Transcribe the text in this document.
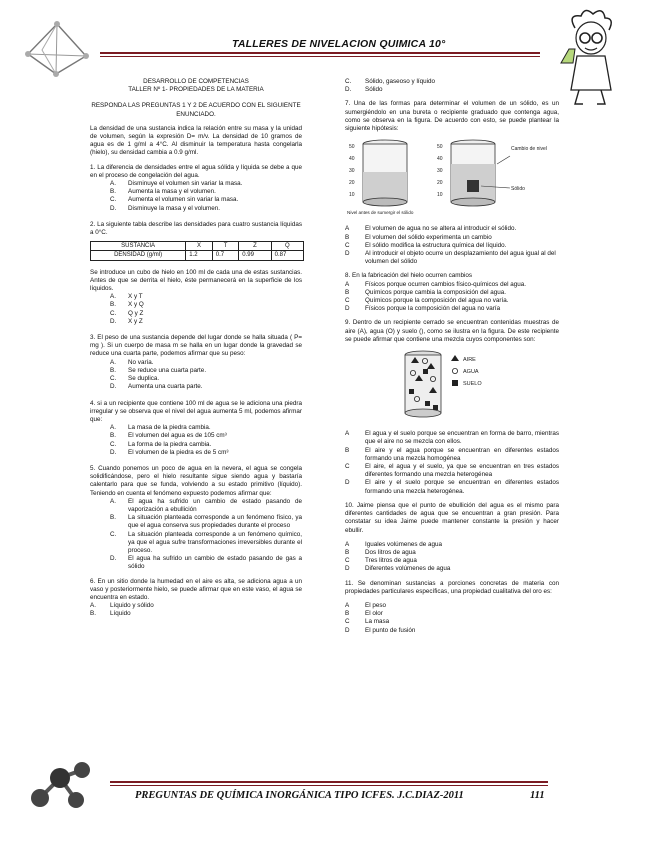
TALLERES DE NIVELACION QUIMICA 10°
DESARROLLO DE COMPETENCIAS
TALLER Nº 1- PROPIEDADES DE LA MATERIA
RESPONDA LAS PREGUNTAS 1 Y 2 DE ACUERDO CON EL SIGUIENTE ENUNCIADO.
La densidad de una sustancia indica la relación entre su masa y la unidad de volumen, según la expresión D= m/v. La densidad de 10 gramos de agua es de 1 g/ml a 4°C. Al disminuir la temperatura hasta congelarla (hielo), su densidad cambia a 0.9 g/ml.
1. La diferencia de densidades entre el agua sólida y líquida se debe a que en el proceso de congelación del agua.
A.	Disminuye el volumen sin variar la masa.
B.	Aumenta la masa y el volumen.
C.	Aumenta el volumen sin variar la masa.
D.	Disminuye la masa y el volumen.
2. La siguiente tabla describe las densidades para cuatro sustancia líquidas a 0°C.
SUSTANCIA	X	T	Z	Q
DENSIDAD (g/ml)	1.2	0.7	0.99	0.87
Se introduce un cubo de hielo en 100 ml de cada una de estas sustancias. Antes de que se derrita el hielo, éste permanecerá en la superficie de los líquidos.
A.	X y T
B.	X y Q
C.	Q y Z
D.	X y Z
3. El peso de una sustancia depende del lugar donde se halla situada ( P= mg ). Si un cuerpo de masa m se halla en un lugar donde la gravedad se reduce una cuarta parte, podemos afirmar que su peso:
A.	No varía.
B.	Se reduce una cuarta parte.
C.	Se duplica.
D.	Aumenta una cuarta parte.
4. si a un recipiente que contiene 100 ml de agua se le adiciona una piedra irregular y se observa que el nivel del agua aumenta 5 ml, podemos afirmar que:
A.	La masa de la piedra cambia.
B.	El volumen del agua es de 105 cm³
C.	La forma de la piedra cambia.
D.	El volumen de la piedra es de 5 cm³
5. Cuando ponemos un poco de agua en la nevera, el agua se congela solidificándose, pero el hielo resultante sigue siendo agua y bastaría calentarlo para que se funda, volviendo a su estado primitivo (líquido). Teniendo en cuenta el fenómeno expuesto podemos afirmar que:
A.	El agua ha sufrido un cambio de estado pasando de vaporización a ebullición
B.	La situación planteada corresponde a un fenómeno físico, ya que el agua conserva sus propiedades durante el proceso
C.	La situación planteada corresponde a un fenómeno químico, ya que el agua sufre transformaciones irreversibles durante el proceso.
D.	El agua ha sufrido un cambio de estado pasando de gas a sólido
6. En un sitio donde la humedad en el aire es alta, se adiciona agua a un vaso y posteriormente hielo, se puede afirmar que en este vaso, el agua se encuentra en estado.
A.	Líquido y sólido
B.	Líquido
C.	Sólido, gaseoso y líquido
D.	Sólido
7. Una de las formas para determinar el volumen de un sólido, es un sumergiéndolo en una bureta o recipiente graduado que contenga agua, como se observa en la figura. De acuerdo con esto, se puede plantear la siguiente hipótesis:
50
40
30
20
10
50
40
30
20
10
Cambio de nivel
Sólido
Nivel antes de sumergir el sólido
A	El volumen de agua no se altera al introducir el sólido.
B	El volumen del sólido experimenta un cambio
C	El sólido modifica la estructura química del líquido.
D	Al introducir el objeto ocurre un desplazamiento del agua igual al del volumen del sólido
8. En la fabricación del hielo ocurren cambios
A	Físicos porque ocurren cambios físico-químicos del agua.
B	Químicos porque cambia la composición del agua.
C	Químicos porque la composición del agua no varía.
D	Físicos porque la composición del agua no varía
9. Dentro de un recipiente cerrado se encuentran contenidas muestras de aire (A), agua (O) y suelo (), como se ilustra en la figura. De este recipiente se puede afirmar que contiene una mezcla cuyos componentes son:
AIRE
AGUA
SUELO
A	El agua y el suelo porque se encuentran en forma de barro, mientras que el aire no se mezcla con ellos.
B	El aire y el agua porque se encuentran en diferentes estados formando una mezcla homogénea
C	El aire, el agua y el suelo, ya que se encuentran en tres estados diferentes formando una mezcla heterogénea
D	El aire y el suelo porque se encuentran en diferentes estados formando una mezcla heterogénea.
10. Jaime piensa que el punto de ebullición del agua es el mismo para diferentes cantidades de agua que se encuentran a gran presión. Para constatar su idea Jaime puede mantener constante la presión y hacer ebullir.
A	Iguales volúmenes de agua
B	Dos litros de agua
C	Tres litros de agua
D	Diferentes volúmenes de agua
11. Se denominan sustancias a porciones concretas de materia con propiedades particulares específicas, una propiedad cualitativa del oro es:
A	El peso
B	El olor
C	La masa
D	El punto de fusión
PREGUNTAS DE QUÍMICA INORGÁNICA TIPO ICFES. J.C.DIAZ-2011	111
